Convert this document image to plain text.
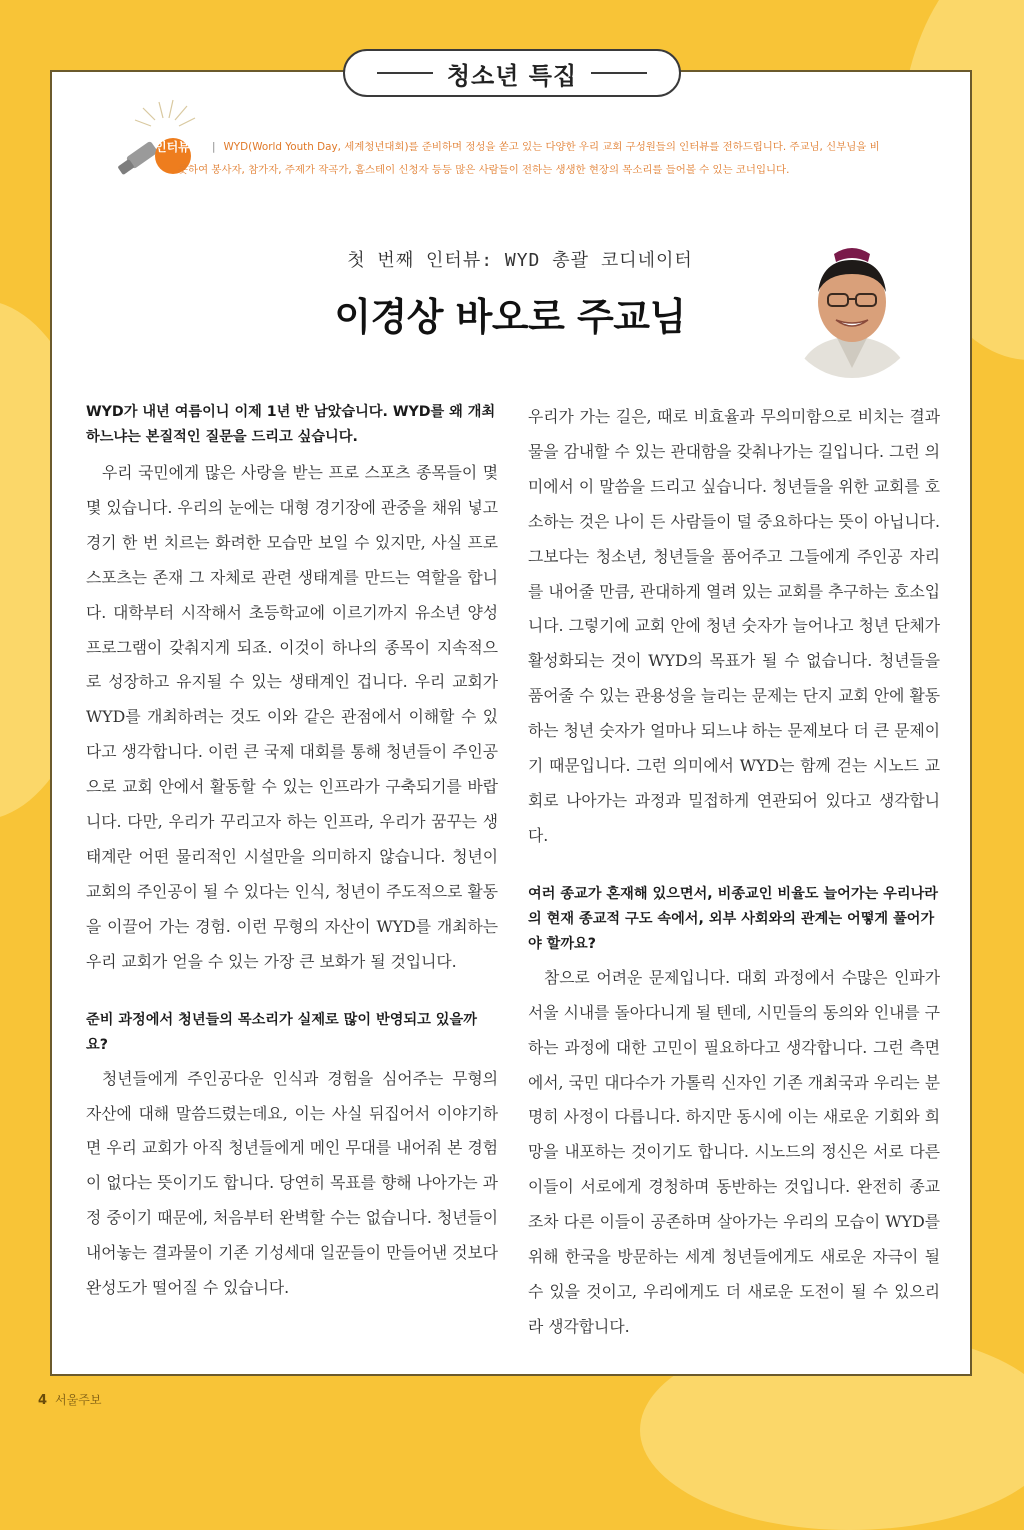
청소년 특집
인터뷰	| WYD(World Youth Day, 세계청년대회)를 준비하며 정성을 쏟고 있는 다양한 우리 교회 구성원들의 인터뷰를 전하드립니다. 주교님, 신부님을 비롯하여 봉사자, 참가자, 주제가 작곡가, 홈스테이 신청자 등등 많은 사람들이 전하는 생생한 현장의 목소리를 들어볼 수 있는 코너입니다.
첫 번째 인터뷰: WYD 총괄 코디네이터
이경상 바오로 주교님

WYD가 내년 여름이니 이제 1년 반 남았습니다. WYD를 왜 개최하느냐는 본질적인 질문을 드리고 싶습니다.

우리 국민에게 많은 사랑을 받는 프로 스포츠 종목들이 몇몇 있습니다. 우리의 눈에는 대형 경기장에 관중을 채워 넣고 경기 한 번 치르는 화려한 모습만 보일 수 있지만, 사실 프로 스포츠는 존재 그 자체로 관련 생태계를 만드는 역할을 합니다. 대학부터 시작해서 초등학교에 이르기까지 유소년 양성 프로그램이 갖춰지게 되죠. 이것이 하나의 종목이 지속적으로 성장하고 유지될 수 있는 생태계인 겁니다. 우리 교회가 WYD를 개최하려는 것도 이와 같은 관점에서 이해할 수 있다고 생각합니다. 이런 큰 국제 대회를 통해 청년들이 주인공으로 교회 안에서 활동할 수 있는 인프라가 구축되기를 바랍니다. 다만, 우리가 꾸리고자 하는 인프라, 우리가 꿈꾸는 생태계란 어떤 물리적인 시설만을 의미하지 않습니다. 청년이 교회의 주인공이 될 수 있다는 인식, 청년이 주도적으로 활동을 이끌어 가는 경험. 이런 무형의 자산이 WYD를 개최하는 우리 교회가 얻을 수 있는 가장 큰 보화가 될 것입니다.

준비 과정에서 청년들의 목소리가 실제로 많이 반영되고 있을까요?

청년들에게 주인공다운 인식과 경험을 심어주는 무형의 자산에 대해 말씀드렸는데요, 이는 사실 뒤집어서 이야기하면 우리 교회가 아직 청년들에게 메인 무대를 내어줘 본 경험이 없다는 뜻이기도 합니다. 당연히 목표를 향해 나아가는 과정 중이기 때문에, 처음부터 완벽할 수는 없습니다. 청년들이 내어놓는 결과물이 기존 기성세대 일꾼들이 만들어낸 것보다 완성도가 떨어질 수 있습니다.

우리가 가는 길은, 때로 비효율과 무의미함으로 비치는 결과물을 감내할 수 있는 관대함을 갖춰나가는 길입니다. 그런 의미에서 이 말씀을 드리고 싶습니다. 청년들을 위한 교회를 호소하는 것은 나이 든 사람들이 덜 중요하다는 뜻이 아닙니다. 그보다는 청소년, 청년들을 품어주고 그들에게 주인공 자리를 내어줄 만큼, 관대하게 열려 있는 교회를 추구하는 호소입니다. 그렇기에 교회 안에 청년 숫자가 늘어나고 청년 단체가 활성화되는 것이 WYD의 목표가 될 수 없습니다. 청년들을 품어줄 수 있는 관용성을 늘리는 문제는 단지 교회 안에 활동하는 청년 숫자가 얼마나 되느냐 하는 문제보다 더 큰 문제이기 때문입니다. 그런 의미에서 WYD는 함께 걷는 시노드 교회로 나아가는 과정과 밀접하게 연관되어 있다고 생각합니다.

여러 종교가 혼재해 있으면서, 비종교인 비율도 늘어가는 우리나라의 현재 종교적 구도 속에서, 외부 사회와의 관계는 어떻게 풀어가야 할까요?

참으로 어려운 문제입니다. 대회 과정에서 수많은 인파가 서울 시내를 돌아다니게 될 텐데, 시민들의 동의와 인내를 구하는 과정에 대한 고민이 필요하다고 생각합니다. 그런 측면에서, 국민 대다수가 가톨릭 신자인 기존 개최국과 우리는 분명히 사정이 다릅니다. 하지만 동시에 이는 새로운 기회와 희망을 내포하는 것이기도 합니다. 시노드의 정신은 서로 다른 이들이 서로에게 경청하며 동반하는 것입니다. 완전히 종교조차 다른 이들이 공존하며 살아가는 우리의 모습이 WYD를 위해 한국을 방문하는 세계 청년들에게도 새로운 자극이 될 수 있을 것이고, 우리에게도 더 새로운 도전이 될 수 있으리라 생각합니다.

4 서울주보
